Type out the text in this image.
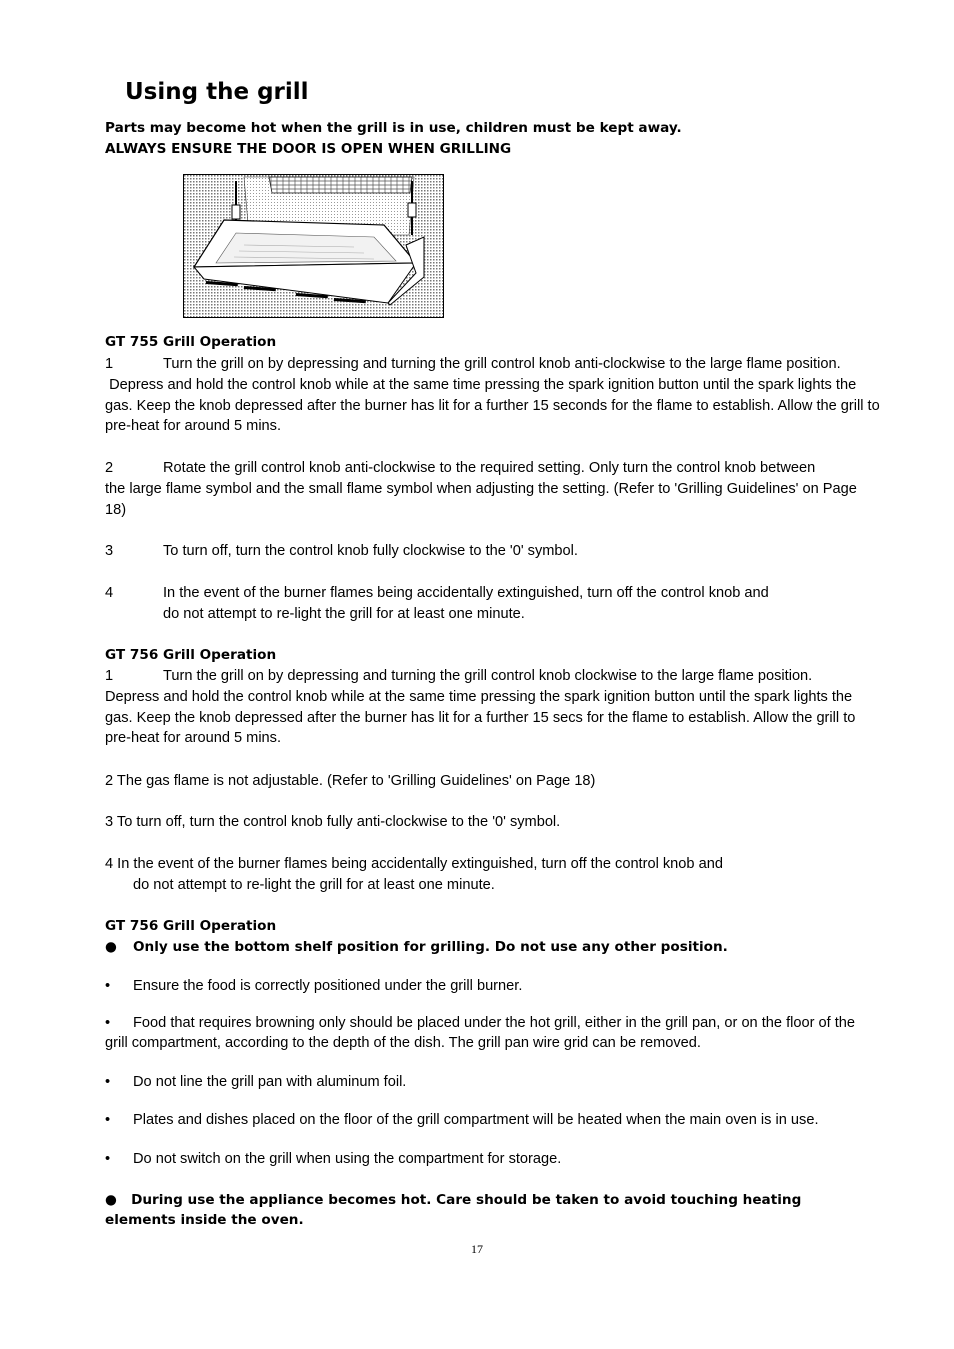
Using the grill
Parts may become hot when the grill is in use, children must be kept away.
ALWAYS ENSURE THE DOOR IS OPEN WHEN GRILLING
GT 755 Grill Operation
1	Turn the grill on by depressing and turning the grill control knob anti-clockwise to the large flame position.
Depress and hold the control knob while at the same time pressing the spark ignition button until the spark lights the gas. Keep the knob depressed after the burner has lit for a further 15 seconds for the flame to establish. Allow the grill to pre-heat for around 5 mins.
2	Rotate the grill control knob anti-clockwise to the required setting. Only turn the control knob between
the large flame symbol and the small flame symbol when adjusting the setting. (Refer to 'Grilling Guidelines' on Page 18)
3	To turn off, turn the control knob fully clockwise to the '0' symbol.
4	In the event of the burner flames being accidentally extinguished, turn off the control knob and
do not attempt to re-light the grill for at least one minute.
GT 756 Grill Operation
1	Turn the grill on by depressing and turning the grill control knob clockwise to the large flame position.
Depress and hold the control knob while at the same time pressing the spark ignition button until the spark lights the gas. Keep the knob depressed after the burner has lit for a further 15 secs for the flame to establish. Allow the grill to pre-heat for around 5 mins.
2 The gas flame is not adjustable. (Refer to 'Grilling Guidelines' on Page 18)
3 To turn off, turn the control knob fully anti-clockwise to the '0' symbol.
4 In the event of the burner flames being accidentally extinguished, turn off the control knob and
do not attempt to re-light the grill for at least one minute.
GT 756 Grill Operation
● Only use the bottom shelf position for grilling. Do not use any other position.
• Ensure the food is correctly positioned under the grill burner.
• Food that requires browning only should be placed under the hot grill, either in the grill pan, or on the floor of the grill compartment, according to the depth of the dish. The grill pan wire grid can be removed.
• Do not line the grill pan with aluminum foil.
• Plates and dishes placed on the floor of the grill compartment will be heated when the main oven is in use.
• Do not switch on the grill when using the compartment for storage.
● During use the appliance becomes hot. Care should be taken to avoid touching heating elements inside the oven.
17
